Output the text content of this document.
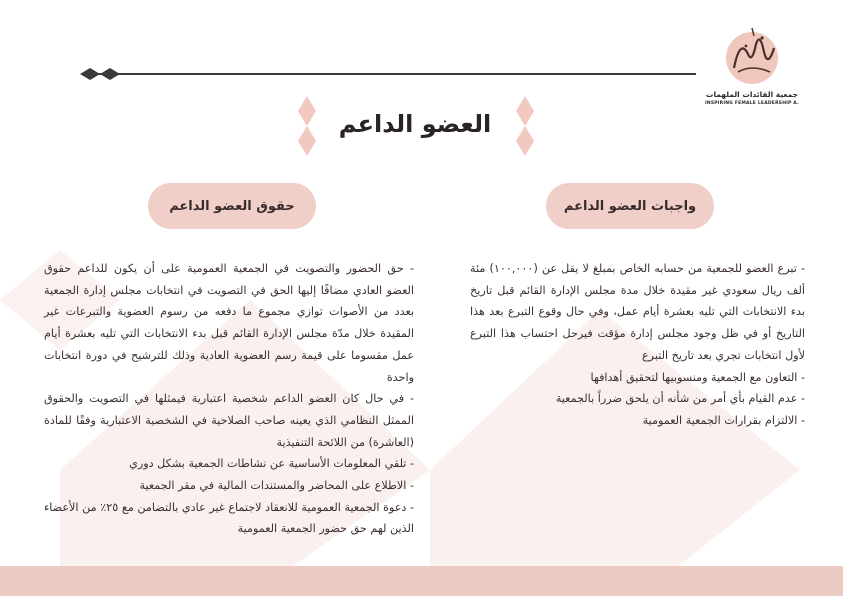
جمعية القائدات الملهمات
INSPIRING FEMALE LEADERSHIP A.
العضو الداعم
حقوق العضو الداعم	واجبات العضو الداعم

- حق الحضور والتصويت في الجمعية العمومية على أن يكون للداعم حقوق العضو العادي مضافًا إليها الحق في التصويت في انتخابات مجلس إدارة الجمعية بعدد من الأصوات توازي مجموع ما دفعه من رسوم العضوية والتبرعات غير المقيدة خلال مدّة مجلس الإدارة القائم قبل بدء الانتخابات التي تليه بعشرة أيام عمل مقسوما على قيمة رسم العضوية العادية وذلك للترشيح في دورة انتخابات واحدة

- في حال كان العضو الداعم شخصية اعتبارية فيمثلها في التصويت والحقوق الممثل النظامي الذي يعينه صاحب الصلاحية في الشخصية الاعتبارية وفقًا للمادة (العاشرة) من اللائحة التنفيذية

- تلقي المعلومات الأساسية عن نشاطات الجمعية بشكل دوري

- الاطلاع على المحاضر والمستندات المالية في مقر الجمعية

- دعوة الجمعية العمومية للانعقاد لاجتماع غير عادي بالتضامن مع ٢٥٪ من الأعضاء الذين لهم حق حضور الجمعية العمومية

- تبرع العضو للجمعية من حسابه الخاص بمبلغ لا يقل عن (١٠٠,٠٠٠) مئة ألف ريال سعودي غير مقيدة خلال مدة مجلس الإدارة القائم قبل تاريخ بدء الانتخابات التي تليه بعشرة أيام عمل، وفي حال وقوع التبرع بعد هذا التاريخ أو في ظل وجود مجلس إدارة مؤقت فيرحل احتساب هذا التبرع لأول انتخابات تجري بعد تاريخ التبرع

- التعاون مع الجمعية ومنسوبيها لتحقيق أهدافها

- عدم القيام بأي أمر من شأنه أن يلحق ضرراً بالجمعية

- الالتزام بقرارات الجمعية العمومية
